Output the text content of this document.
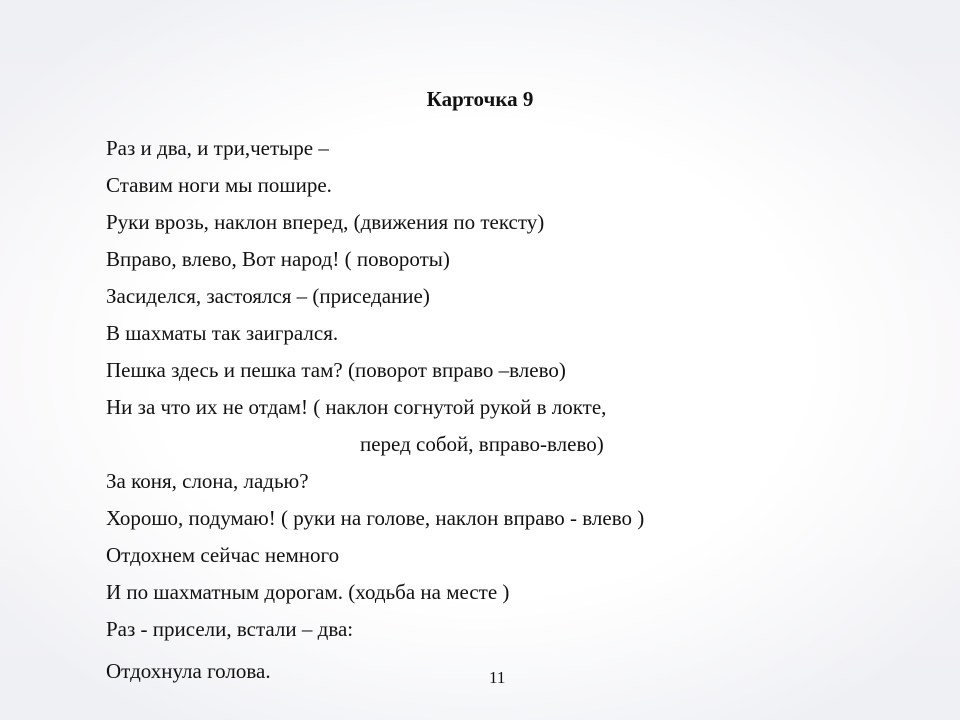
Карточка 9
Раз и два, и три,четыре –
Ставим ноги мы пошире.
Руки врозь, наклон вперед, (движения по тексту)
Вправо, влево, Вот народ! ( повороты)
Засиделся, застоялся – (приседание)
В шахматы так заигрался.
Пешка здесь и пешка там? (поворот вправо –влево)
Ни за что их не отдам! ( наклон согнутой рукой в локте,
перед собой, вправо-влево)
За коня, слона, ладью?
Хорошо, подумаю! ( руки на голове, наклон вправо - влево )
Отдохнем сейчас немного
И по шахматным дорогам. (ходьба на месте )
Раз - присели, встали – два:
Отдохнула голова.	11
